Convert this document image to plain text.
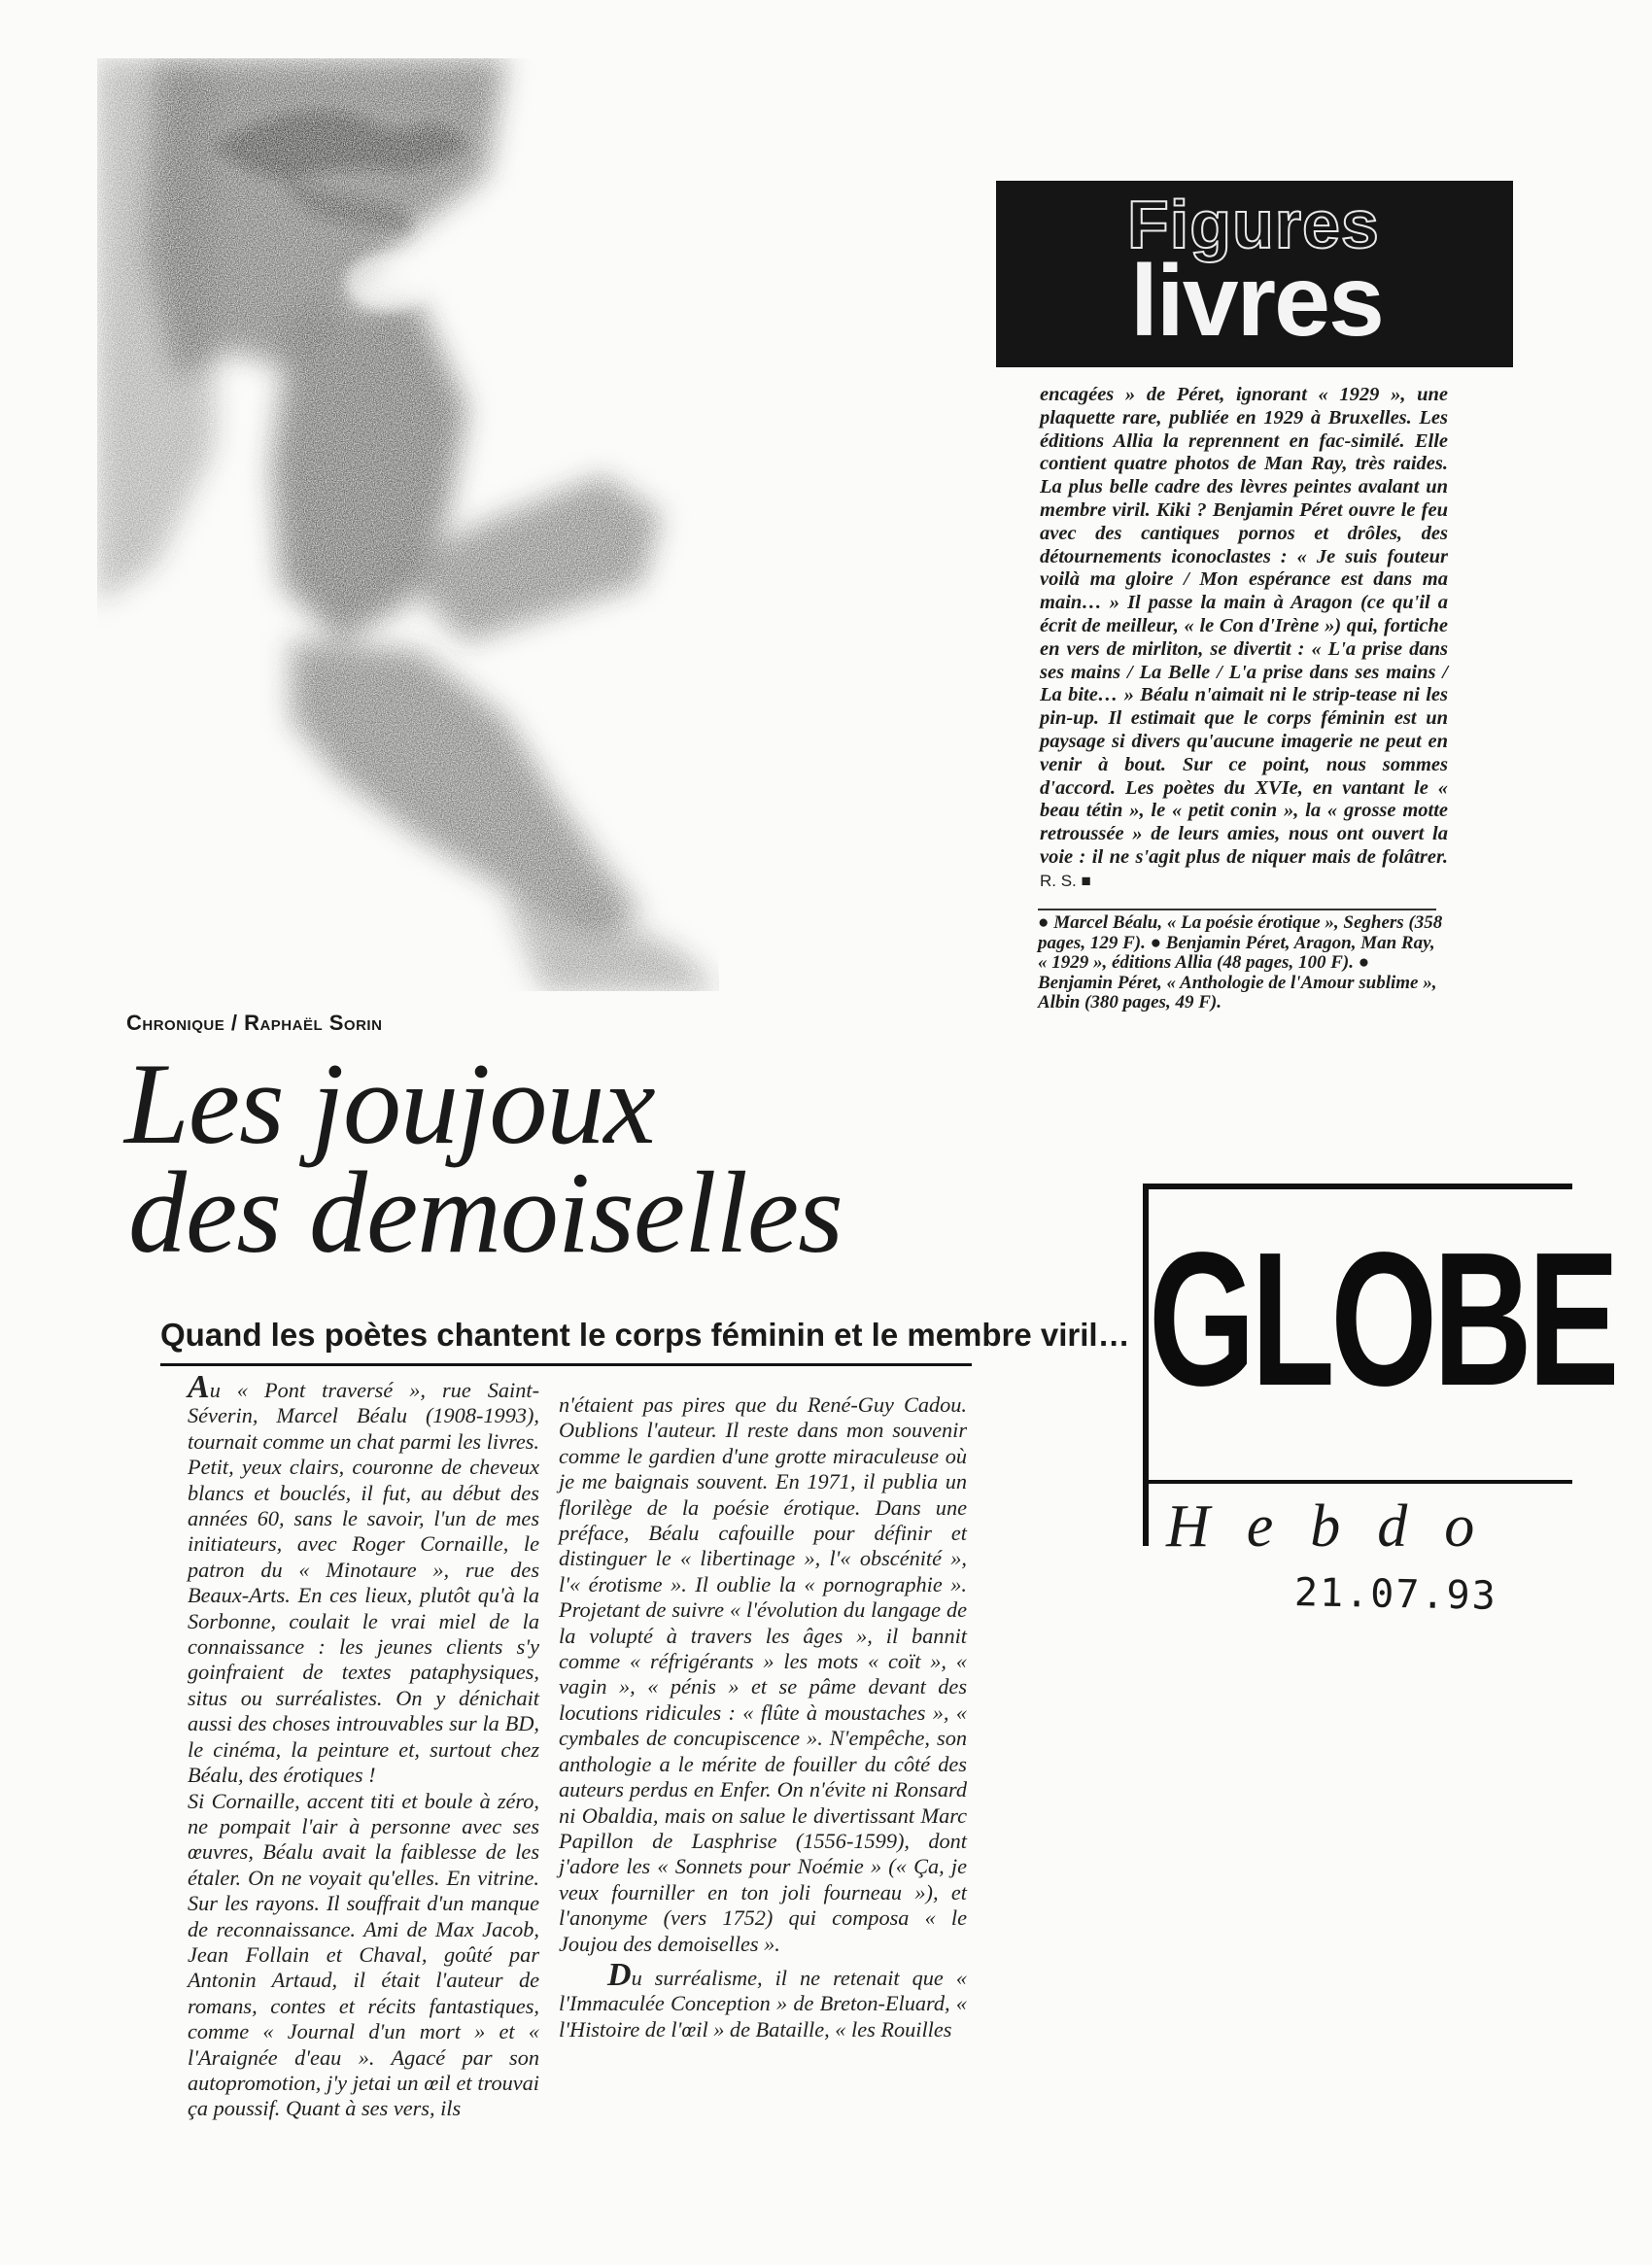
Chronique / Raphaël Sorin
Les joujoux
des demoiselles
Quand les poètes chantent le corps féminin et le membre viril…

Au « Pont traversé », rue Saint-Séverin, Marcel Béalu (1908-1993), tournait comme un chat parmi les livres. Petit, yeux clairs, couronne de cheveux blancs et bouclés, il fut, au début des années 60, sans le savoir, l'un de mes initiateurs, avec Roger Cornaille, le patron du « Minotaure », rue des Beaux-Arts. En ces lieux, plutôt qu'à la Sorbonne, coulait le vrai miel de la connaissance : les jeunes clients s'y goinfraient de textes pataphysiques, situs ou surréalistes. On y dénichait aussi des choses introuvables sur la BD, le cinéma, la peinture et, surtout chez Béalu, des érotiques !

Si Cornaille, accent titi et boule à zéro, ne pompait l'air à personne avec ses œuvres, Béalu avait la faiblesse de les étaler. On ne voyait qu'elles. En vitrine. Sur les rayons. Il souffrait d'un manque de reconnaissance. Ami de Max Jacob, Jean Follain et Chaval, goûté par Antonin Artaud, il était l'auteur de romans, contes et récits fantastiques, comme « Journal d'un mort » et « l'Araignée d'eau ». Agacé par son autopromotion, j'y jetai un œil et trouvai ça poussif. Quant à ses vers, ils

n'étaient pas pires que du René-Guy Cadou. Oublions l'auteur. Il reste dans mon souvenir comme le gardien d'une grotte miraculeuse où je me baignais souvent. En 1971, il publia un florilège de la poésie érotique. Dans une préface, Béalu cafouille pour définir et distinguer le « libertinage », l'« obscénité », l'« érotisme ». Il oublie la « pornographie ». Projetant de suivre « l'évolution du langage de la volupté à travers les âges », il bannit comme « réfrigérants » les mots « coït », « vagin », « pénis » et se pâme devant des locutions ridicules : « flûte à moustaches », « cymbales de concupiscence ». N'empêche, son anthologie a le mérite de fouiller du côté des auteurs perdus en Enfer. On n'évite ni Ronsard ni Obaldia, mais on salue le divertissant Marc Papillon de Lasphrise (1556-1599), dont j'adore les « Sonnets pour Noémie » (« Ça, je veux fourniller en ton joli fourneau »), et l'anonyme (vers 1752) qui composa « le Joujou des demoiselles ».

Du surréalisme, il ne retenait que « l'Immaculée Conception » de Breton-Eluard, « l'Histoire de l'œil » de Bataille, « les Rouilles

Figures
livres
encagées » de Péret, ignorant « 1929 », une plaquette rare, publiée en 1929 à Bruxelles. Les éditions Allia la reprennent en fac-similé. Elle contient quatre photos de Man Ray, très raides. La plus belle cadre des lèvres peintes avalant un membre viril. Kiki ? Benjamin Péret ouvre le feu avec des cantiques pornos et drôles, des détournements iconoclastes : « Je suis fouteur voilà ma gloire / Mon espérance est dans ma main… » Il passe la main à Aragon (ce qu'il a écrit de meilleur, « le Con d'Irène ») qui, fortiche en vers de mirliton, se divertit : « L'a prise dans ses mains / La Belle / L'a prise dans ses mains / La bite… » Béalu n'aimait ni le strip-tease ni les pin-up. Il estimait que le corps féminin est un paysage si divers qu'aucune imagerie ne peut en venir à bout. Sur ce point, nous sommes d'accord. Les poètes du XVIe, en vantant le « beau tétin », le « petit conin », la « grosse motte retroussée » de leurs amies, nous ont ouvert la voie : il ne s'agit plus de niquer mais de folâtrer. R. S. ■
● Marcel Béalu, « La poésie érotique », Seghers (358 pages, 129 F). ● Benjamin Péret, Aragon, Man Ray, « 1929 », éditions Allia (48 pages, 100 F). ● Benjamin Péret, « Anthologie de l'Amour sublime », Albin (380 pages, 49 F).
GLOBE
Hebdo
21.07.93
